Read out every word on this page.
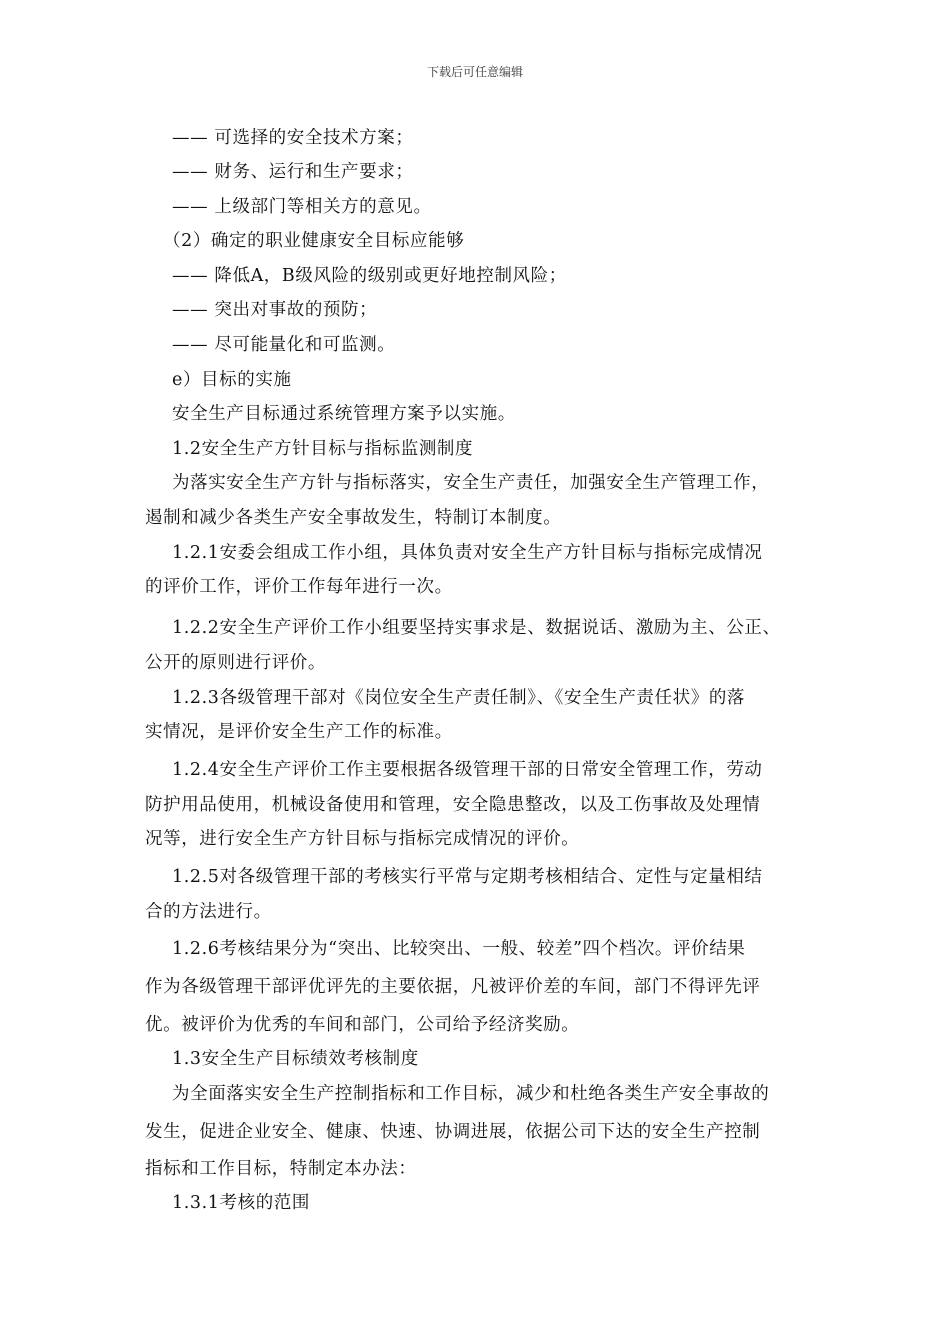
下载后可任意编辑
—— 可选择的安全技术方案；
—— 财务、运行和生产要求；
—— 上级部门等相关方的意见。
（2）确定的职业健康安全目标应能够
—— 降低A，B级风险的级别或更好地控制风险；
—— 突出对事故的预防；
—— 尽可能量化和可监测。
e）目标的实施
安全生产目标通过系统管理方案予以实施。
1.2安全生产方针目标与指标监测制度
为落实安全生产方针与指标落实，安全生产责任，加强安全生产管理工作，
遏制和减少各类生产安全事故发生，特制订本制度。
1.2.1安委会组成工作小组，具体负责对安全生产方针目标与指标完成情况
的评价工作，评价工作每年进行一次。
1.2.2安全生产评价工作小组要坚持实事求是、数据说话、激励为主、公正、
公开的原则进行评价。
1.2.3各级管理干部对《岗位安全生产责任制》、《安全生产责任状》的落
实情况，是评价安全生产工作的标准。
1.2.4安全生产评价工作主要根据各级管理干部的日常安全管理工作，劳动
防护用品使用，机械设备使用和管理，安全隐患整改，以及工伤事故及处理情
况等，进行安全生产方针目标与指标完成情况的评价。
1.2.5对各级管理干部的考核实行平常与定期考核相结合、定性与定量相结
合的方法进行。
1.2.6考核结果分为“突出、比较突出、一般、较差”四个档次。评价结果
作为各级管理干部评优评先的主要依据，凡被评价差的车间，部门不得评先评
优。被评价为优秀的车间和部门，公司给予经济奖励。
1.3安全生产目标绩效考核制度
为全面落实安全生产控制指标和工作目标，减少和杜绝各类生产安全事故的
发生，促进企业安全、健康、快速、协调进展，依据公司下达的安全生产控制
指标和工作目标，特制定本办法：
1.3.1考核的范围
